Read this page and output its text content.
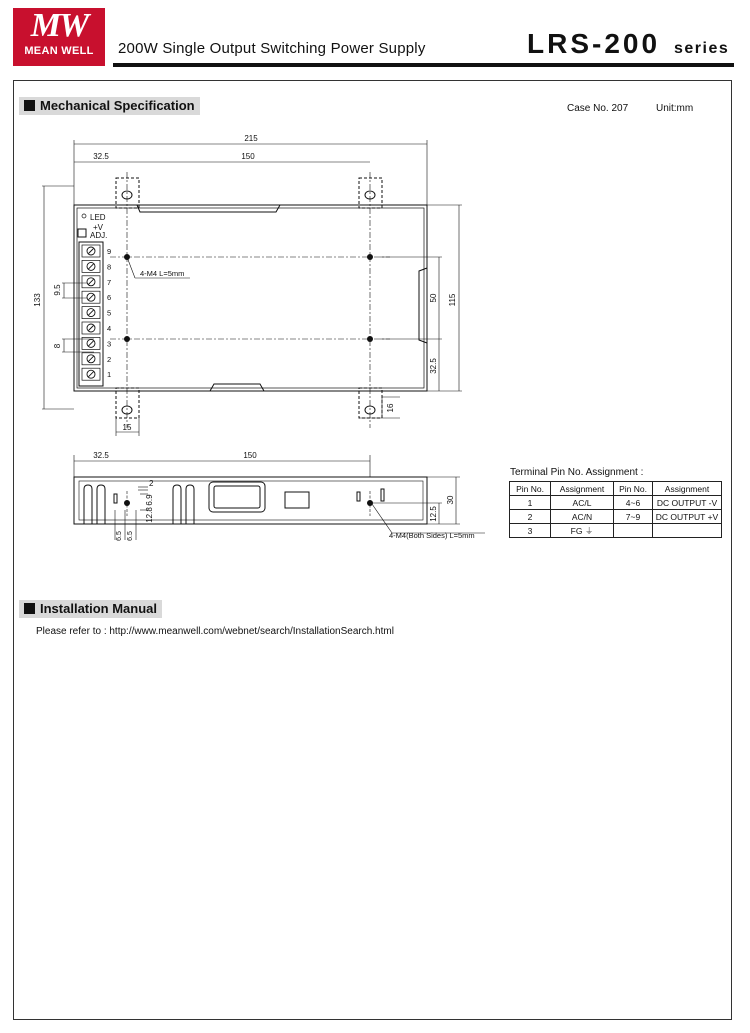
MW
MEAN WELL	200W Single Output Switching Power Supply	LRS-200 series
Mechanical Specification	Case No. 207	Unit:mm
215
32.5	150
133	115
50
32.5
9.5
8
15
16
LED
+V
ADJ.
4-M4 L=5mm
9
8
7
6
5
4
3
2
1
32.5	150
2
6.9
12.8
6.5 6.5
12.5
30
4-M4(Both Sides) L=5mm
Terminal Pin No. Assignment :
Pin No.	Assignment	Pin No.	Assignment
1	AC/L	4~6	DC OUTPUT -V
2	AC/N	7~9	DC OUTPUT +V
3	FG ⏚		
Installation Manual
Please refer to : http://www.meanwell.com/webnet/search/InstallationSearch.html
